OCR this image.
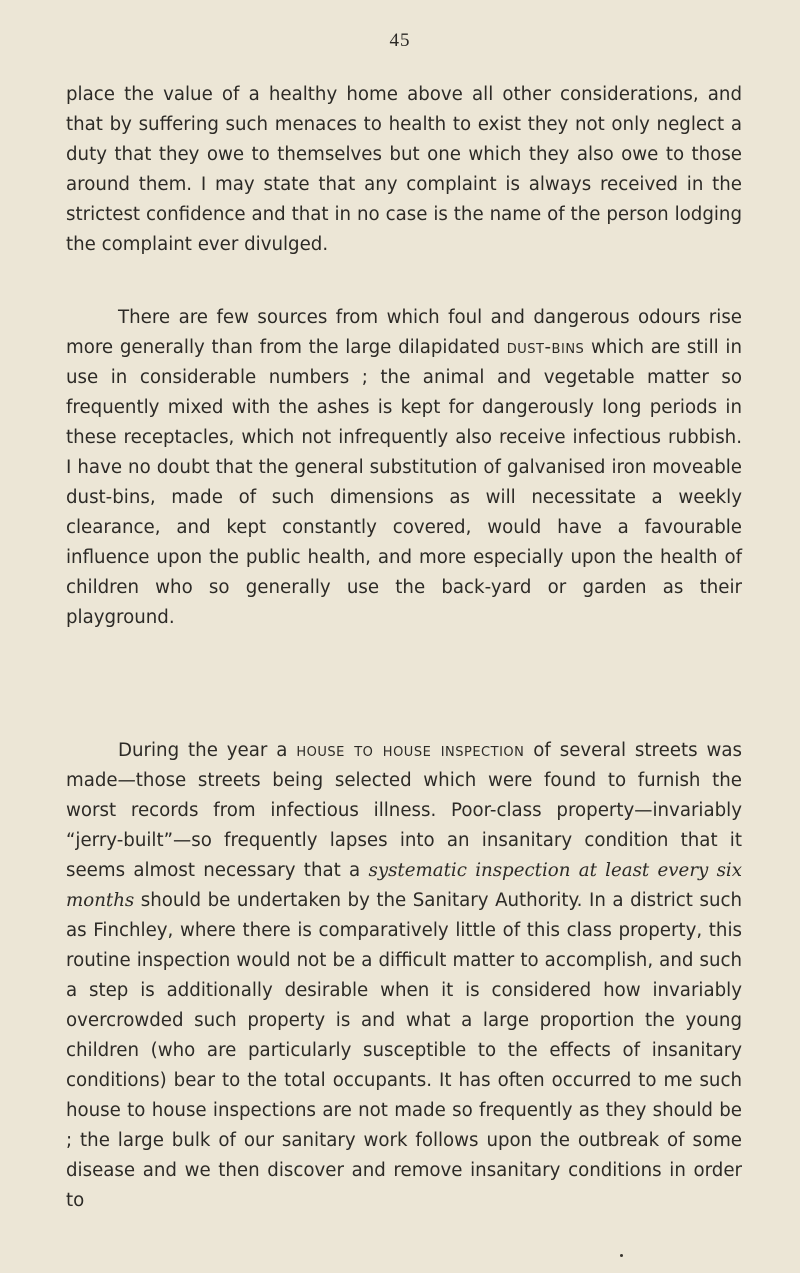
45

place the value of a healthy home above all other considerations, and that by suffering such menaces to health to exist they not only neglect a duty that they owe to themselves but one which they also owe to those around them. I may state that any complaint is always received in the strictest confidence and that in no case is the name of the person lodging the complaint ever divulged.

There are few sources from which foul and dangerous odours rise more generally than from the large dilapidated dust-bins which are still in use in considerable numbers ; the animal and vegetable matter so frequently mixed with the ashes is kept for dangerously long periods in these receptacles, which not infrequently also receive infectious rubbish. I have no doubt that the general substitution of galvanised iron moveable dust-bins, made of such dimensions as will necessitate a weekly clearance, and kept constantly covered, would have a favourable influence upon the public health, and more especially upon the health of children who so generally use the back-yard or garden as their playground.

During the year a house to house inspection of several streets was made—those streets being selected which were found to furnish the worst records from infectious illness. Poor-class property—invariably “jerry-built”—so frequently lapses into an insanitary condition that it seems almost necessary that a systematic inspection at least every six months should be undertaken by the Sanitary Authority. In a district such as Finchley, where there is comparatively little of this class property, this routine inspection would not be a difficult matter to accomplish, and such a step is additionally desirable when it is considered how invariably overcrowded such property is and what a large proportion the young children (who are particularly susceptible to the effects of insanitary conditions) bear to the total occupants. It has often occurred to me such house to house inspections are not made so frequently as they should be ; the large bulk of our sanitary work follows upon the outbreak of some disease and we then discover and remove insanitary conditions in order to
